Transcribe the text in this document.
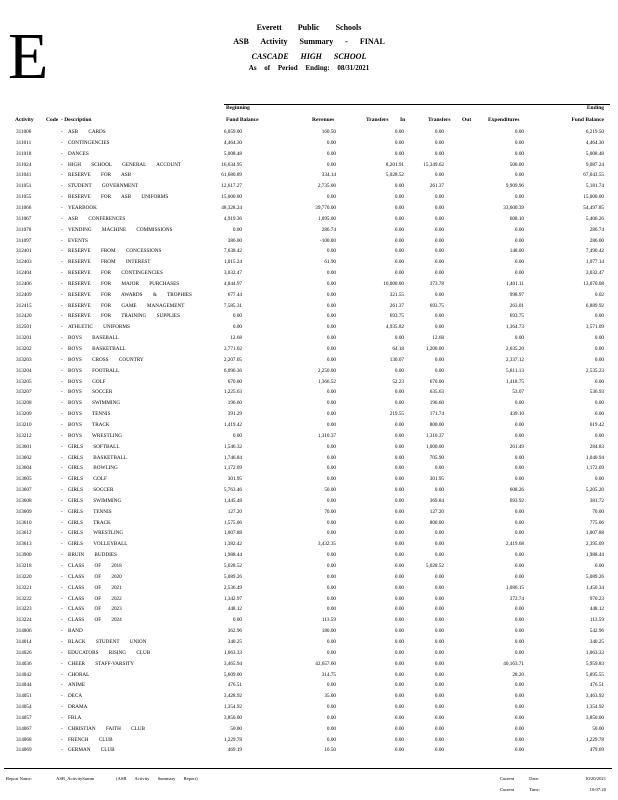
E	Everett Public Schools
ASB Activity Summary - FINAL
CASCADE HIGH SCHOOL
As of Period Ending: 08/31/2021
Beginning	Ending
Activity Code - Description	Fund Balance	Revenues	Transfers In	Transfers Out	Expenditures	Fund Balance
311006	- ASB CARDS	6,059.00	160.50	0.00	0.00	0.00	6,219.50
311011	- CONTINGENCIES	4,464.30	0.00	0.00	0.00	0.00	4,464.30
311018	- DANCES	5,008.48	0.00	0.00	0.00	0.00	5,008.48
311024	- HIGH SCHOOL GENERAL ACCOUNT	16,634.95	0.00	8,201.91	15,349.62	500.00	9,087.24
311041	- RESERVE FOR ASB	61,680.89	334.14	5,028.52	0.00	0.00	67,043.55
311051	- STUDENT GOVERNMENT	12,617.27	2,735.00	0.00	261.37	9,909.96	5,181.74
311055	- RESERVE FOR ASB UNIFORMS	15,000.00	0.00	0.00	0.00	0.00	15,000.00
311066	- YEARBOOK	48,328.24	39,770.00	0.00	0.00	33,600.39	54,497.85
311067	- ASB CONFERENCES	4,919.36	1,095.00	0.00	0.00	608.10	5,406.26
311070	- VENDING MACHINE COMMISSIONS	0.00	286.74	0.00	0.00	0.00	286.74
311097	- EVENTS	386.00	-100.00	0.00	0.00	0.00	286.00
312401	- RESERVE FROM CONCESSIONS	7,638.42	0.00	0.00	0.00	148.00	7,490.42
312403	- RESERVE FROM INTEREST	1,015.24	61.90	0.00	0.00	0.00	1,077.14
312404	- RESERVE FOR CONTINGENCIES	3,032.47	0.00	0.00	0.00	0.00	3,032.47
312406	- RESERVE FOR MAJOR PURCHASES	4,844.97	0.00	10,000.00	373.78	1,401.11	13,070.08
312409	- RESERVE FOR AWARDS & TROPHIES	677.44	0.00	321.55	0.00	998.97	0.02
312415	- RESERVE FOR GAME MANAGEMENT	7,585.31	0.00	261.37	693.75	263.01	6,889.92
312420	- RESERVE FOR TRAINING SUPPLIES	0.00	0.00	693.75	0.00	693.75	0.00
312501	- ATHLETIC UNIFORMS	0.00	0.00	4,935.82	0.00	1,364.73	3,571.09
313201	- BOYS BASEBALL	12.68	0.00	0.00	12.68	0.00	0.00
313202	- BOYS BASKETBALL	3,771.02	0.00	64.18	1,200.00	2,635.20	0.00
313203	- BOYS CROSS COUNTRY	2,207.05	0.00	130.07	0.00	2,337.12	0.00
313204	- BOYS FOOTBALL	6,096.36	2,250.00	0.00	0.00	5,811.13	2,535.23
313205	- BOYS GOLF	670.00	1,366.52	52.23	670.00	1,418.75	0.00
313207	- BOYS SOCCER	1,225.63	0.00	0.00	635.63	53.07	536.93
313208	- BOYS SWIMMING	196.60	0.00	0.00	196.60	0.00	0.00
313209	- BOYS TENNIS	391.29	0.00	219.55	171.74	439.10	0.00
313210	- BOYS TRACK	1,419.42	0.00	0.00	800.00	0.00	619.42
313212	- BOYS WRESTLING	0.00	1,310.37	0.00	1,310.37	0.00	0.00
313601	- GIRLS SOFTBALL	1,546.32	0.00	0.00	1,000.00	261.49	284.83
313602	- GIRLS BASKETBALL	1,746.84	0.00	0.00	705.90	0.00	1,040.94
313604	- GIRLS BOWLING	1,172.69	0.00	0.00	0.00	0.00	1,172.69
313605	- GIRLS GOLF	301.95	0.00	0.00	301.95	0.00	0.00
313607	- GIRLS SOCCER	5,763.46	50.00	0.00	0.00	608.26	5,205.20
313608	- GIRLS SWIMMING	1,445.48	0.00	0.00	369.84	693.92	381.72
313609	- GIRLS TENNIS	127.20	70.00	0.00	127.20	0.00	70.00
313610	- GIRLS TRACK	1,575.06	0.00	0.00	800.00	0.00	775.06
313612	- GIRLS WRESTLING	1,007.88	0.00	0.00	0.00	0.00	1,007.88
313613	- GIRLS VOLLEYBALL	1,382.42	3,432.35	0.00	0.00	2,419.68	2,395.09
313900	- BRUIN BUDDIES	1,988.44	0.00	0.00	0.00	0.00	1,988.44
313218	- CLASS OF 2018	5,028.52	0.00	0.00	5,028.52	0.00	0.00
313220	- CLASS OF 2020	5,089.26	0.00	0.00	0.00	0.00	5,089.26
313221	- CLASS OF 2021	2,536.49	0.00	0.00	0.00	1,086.15	1,450.34
313222	- CLASS OF 2022	1,342.97	0.00	0.00	0.00	372.74	970.23
313223	- CLASS OF 2023	448.12	0.00	0.00	0.00	0.00	448.12
313224	- CLASS OF 2024	0.00	113.59	0.00	0.00	0.00	113.59
314006	- BAND	362.96	180.00	0.00	0.00	0.00	542.96
314014	- BLACK STUDENT UNION	340.25	0.00	0.00	0.00	0.00	340.25
314026	- EDUCATORS RISING CLUB	1,063.33	0.00	0.00	0.00	0.00	1,063.33
314036	- CHEER STAFF-VARSITY	3,465.94	42,657.60	0.00	0.00	40,163.71	5,959.83
314042	- CHORAL	5,609.00	314.75	0.00	0.00	28.20	5,895.55
314044	- ANIME	476.51	0.00	0.00	0.00	0.00	476.51
314051	- DECA	3,428.92	35.00	0.00	0.00	0.00	3,463.92
314054	- DRAMA	1,354.92	0.00	0.00	0.00	0.00	1,354.92
314057	- FBLA	3,850.00	0.00	0.00	0.00	0.00	3,850.00
314067	- CHRISTIAN FAITH CLUB	50.00	0.00	0.00	0.00	0.00	50.00
314068	- FRENCH CLUB	1,229.78	0.00	0.00	0.00	0.00	1,229.78
314069	- GERMAN CLUB	469.19	10.50	0.00	0.00	0.00	479.69
Report Name:	ASB_ActivitySumm	(ASB Activity Summary Report)	Current Date:	10/20/2021
Current Time:	10:07:20
